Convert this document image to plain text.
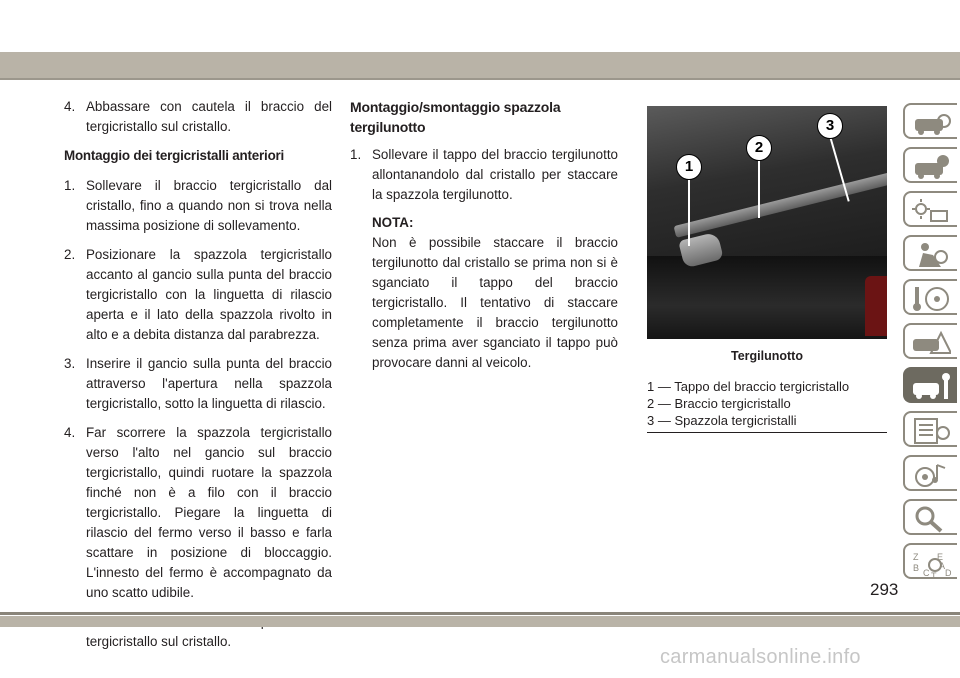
4. Abbassare con cautela il braccio del tergicristallo sul cristallo.
Montaggio dei tergicristalli anteriori
1. Sollevare il braccio tergicristallo dal cristallo, fino a quando non si trova nella massima posizione di sollevamento.
2. Posizionare la spazzola tergicristallo accanto al gancio sulla punta del braccio tergicristallo con la linguetta di rilascio aperta e il lato della spazzola rivolto in alto e a debita distanza dal parabrezza.
3. Inserire il gancio sulla punta del braccio attraverso l'apertura nella spazzola tergicristallo, sotto la linguetta di rilascio.
4. Far scorrere la spazzola tergicristallo verso l'alto nel gancio sul braccio tergicristallo, quindi ruotare la spazzola finché non è a filo con il braccio tergicristallo. Piegare la linguetta di rilascio del fermo verso il basso e farla scattare in posizione di bloccaggio. L'innesto del fermo è accompagnato da uno scatto udibile.
tergicristallo sul cristallo.
Montaggio/smontaggio spazzola tergilunotto
1. Sollevare il tappo del braccio tergilunotto allontanandolo dal cristallo per staccare la spazzola tergilunotto.
NOTA:
Non è possibile staccare il braccio tergilunotto dal cristallo se prima non si è sganciato il tappo del braccio tergicristallo. Il tentativo di staccare completamente il braccio tergilunotto senza prima aver sganciato il tappo può provocare danni al veicolo.
1
2
3
Tergilunotto
1 — Tappo del braccio tergicristallo
2 — Braccio tergicristallo
3 — Spazzola tergicristalli
Z E
B A
C D
T
293
carmanualsonline.info
